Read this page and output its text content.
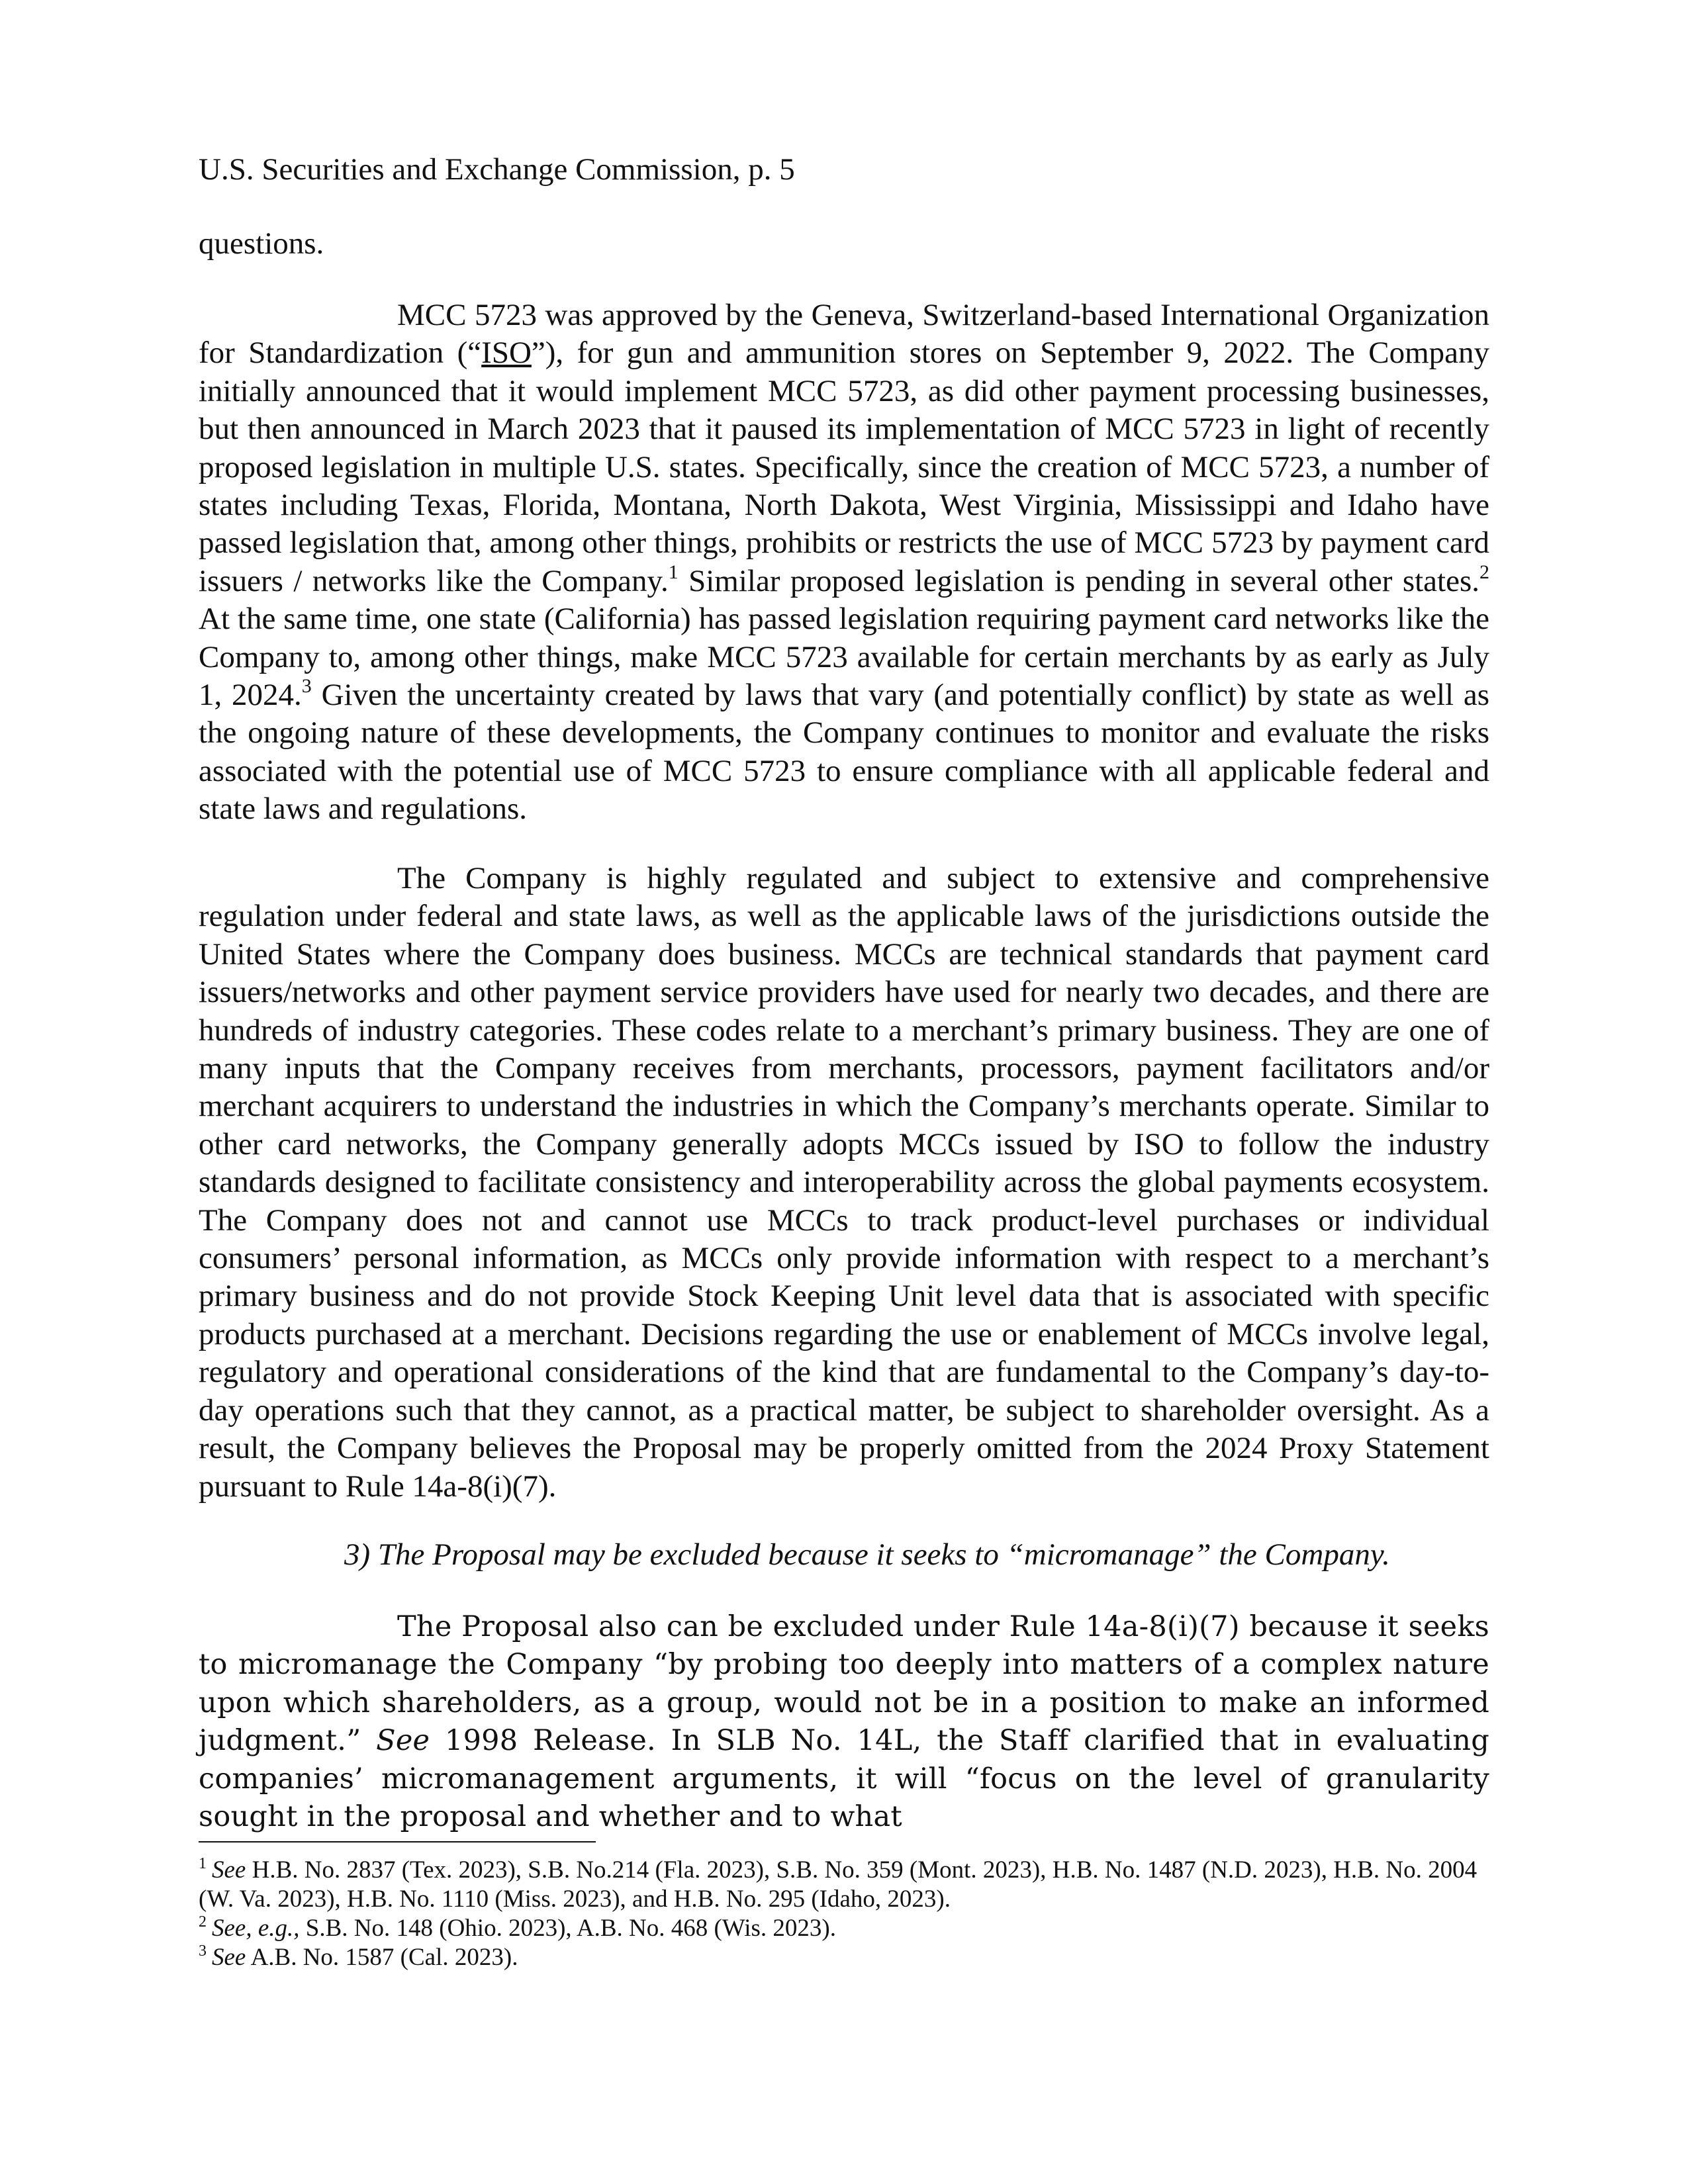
U.S. Securities and Exchange Commission, p. 5

questions.

MCC 5723 was approved by the Geneva, Switzerland-based International Organization for Standardization (“ISO”), for gun and ammunition stores on September 9, 2022. The Company initially announced that it would implement MCC 5723, as did other payment processing businesses, but then announced in March 2023 that it paused its implementation of MCC 5723 in light of recently proposed legislation in multiple U.S. states. Specifically, since the creation of MCC 5723, a number of states including Texas, Florida, Montana, North Dakota, West Virginia, Mississippi and Idaho have passed legislation that, among other things, prohibits or restricts the use of MCC 5723 by payment card issuers / networks like the Company.$^1$ Similar proposed legislation is pending in several other states.$^2$ At the same time, one state (California) has passed legislation requiring payment card networks like the Company to, among other things, make MCC 5723 available for certain merchants by as early as July 1, 2024.$^3$ Given the uncertainty created by laws that vary (and potentially conflict) by state as well as the ongoing nature of these developments, the Company continues to monitor and evaluate the risks associated with the potential use of MCC 5723 to ensure compliance with all applicable federal and state laws and regulations.

The Company is highly regulated and subject to extensive and comprehensive regulation under federal and state laws, as well as the applicable laws of the jurisdictions outside the United States where the Company does business. MCCs are technical standards that payment card issuers/networks and other payment service providers have used for nearly two decades, and there are hundreds of industry categories. These codes relate to a merchant’s primary business. They are one of many inputs that the Company receives from merchants, processors, payment facilitators and/or merchant acquirers to understand the industries in which the Company’s merchants operate. Similar to other card networks, the Company generally adopts MCCs issued by ISO to follow the industry standards designed to facilitate consistency and interoperability across the global payments ecosystem. The Company does not and cannot use MCCs to track product-level purchases or individual consumers’ personal information, as MCCs only provide information with respect to a merchant’s primary business and do not provide Stock Keeping Unit level data that is associated with specific products purchased at a merchant. Decisions regarding the use or enablement of MCCs involve legal, regulatory and operational considerations of the kind that are fundamental to the Company’s day-to-day operations such that they cannot, as a practical matter, be subject to shareholder oversight. As a result, the Company believes the Proposal may be properly omitted from the 2024 Proxy Statement pursuant to Rule 14a-8(i)(7).

3) The Proposal may be excluded because it seeks to “micromanage” the Company.

The Proposal also can be excluded under Rule 14a-8(i)(7) because it seeks to micromanage the Company “by probing too deeply into matters of a complex nature upon which shareholders, as a group, would not be in a position to make an informed judgment.” See 1998 Release. In SLB No. 14L, the Staff clarified that in evaluating companies’ micromanagement arguments, it will “focus on the level of granularity sought in the proposal and whether and to what

$^1$ See H.B. No. 2837 (Tex. 2023), S.B. No.214 (Fla. 2023), S.B. No. 359 (Mont. 2023), H.B. No. 1487 (N.D. 2023), H.B. No. 2004 (W. Va. 2023), H.B. No. 1110 (Miss. 2023), and H.B. No. 295 (Idaho, 2023).

$^2$ See, e.g., S.B. No. 148 (Ohio. 2023), A.B. No. 468 (Wis. 2023).

$^3$ See A.B. No. 1587 (Cal. 2023).
